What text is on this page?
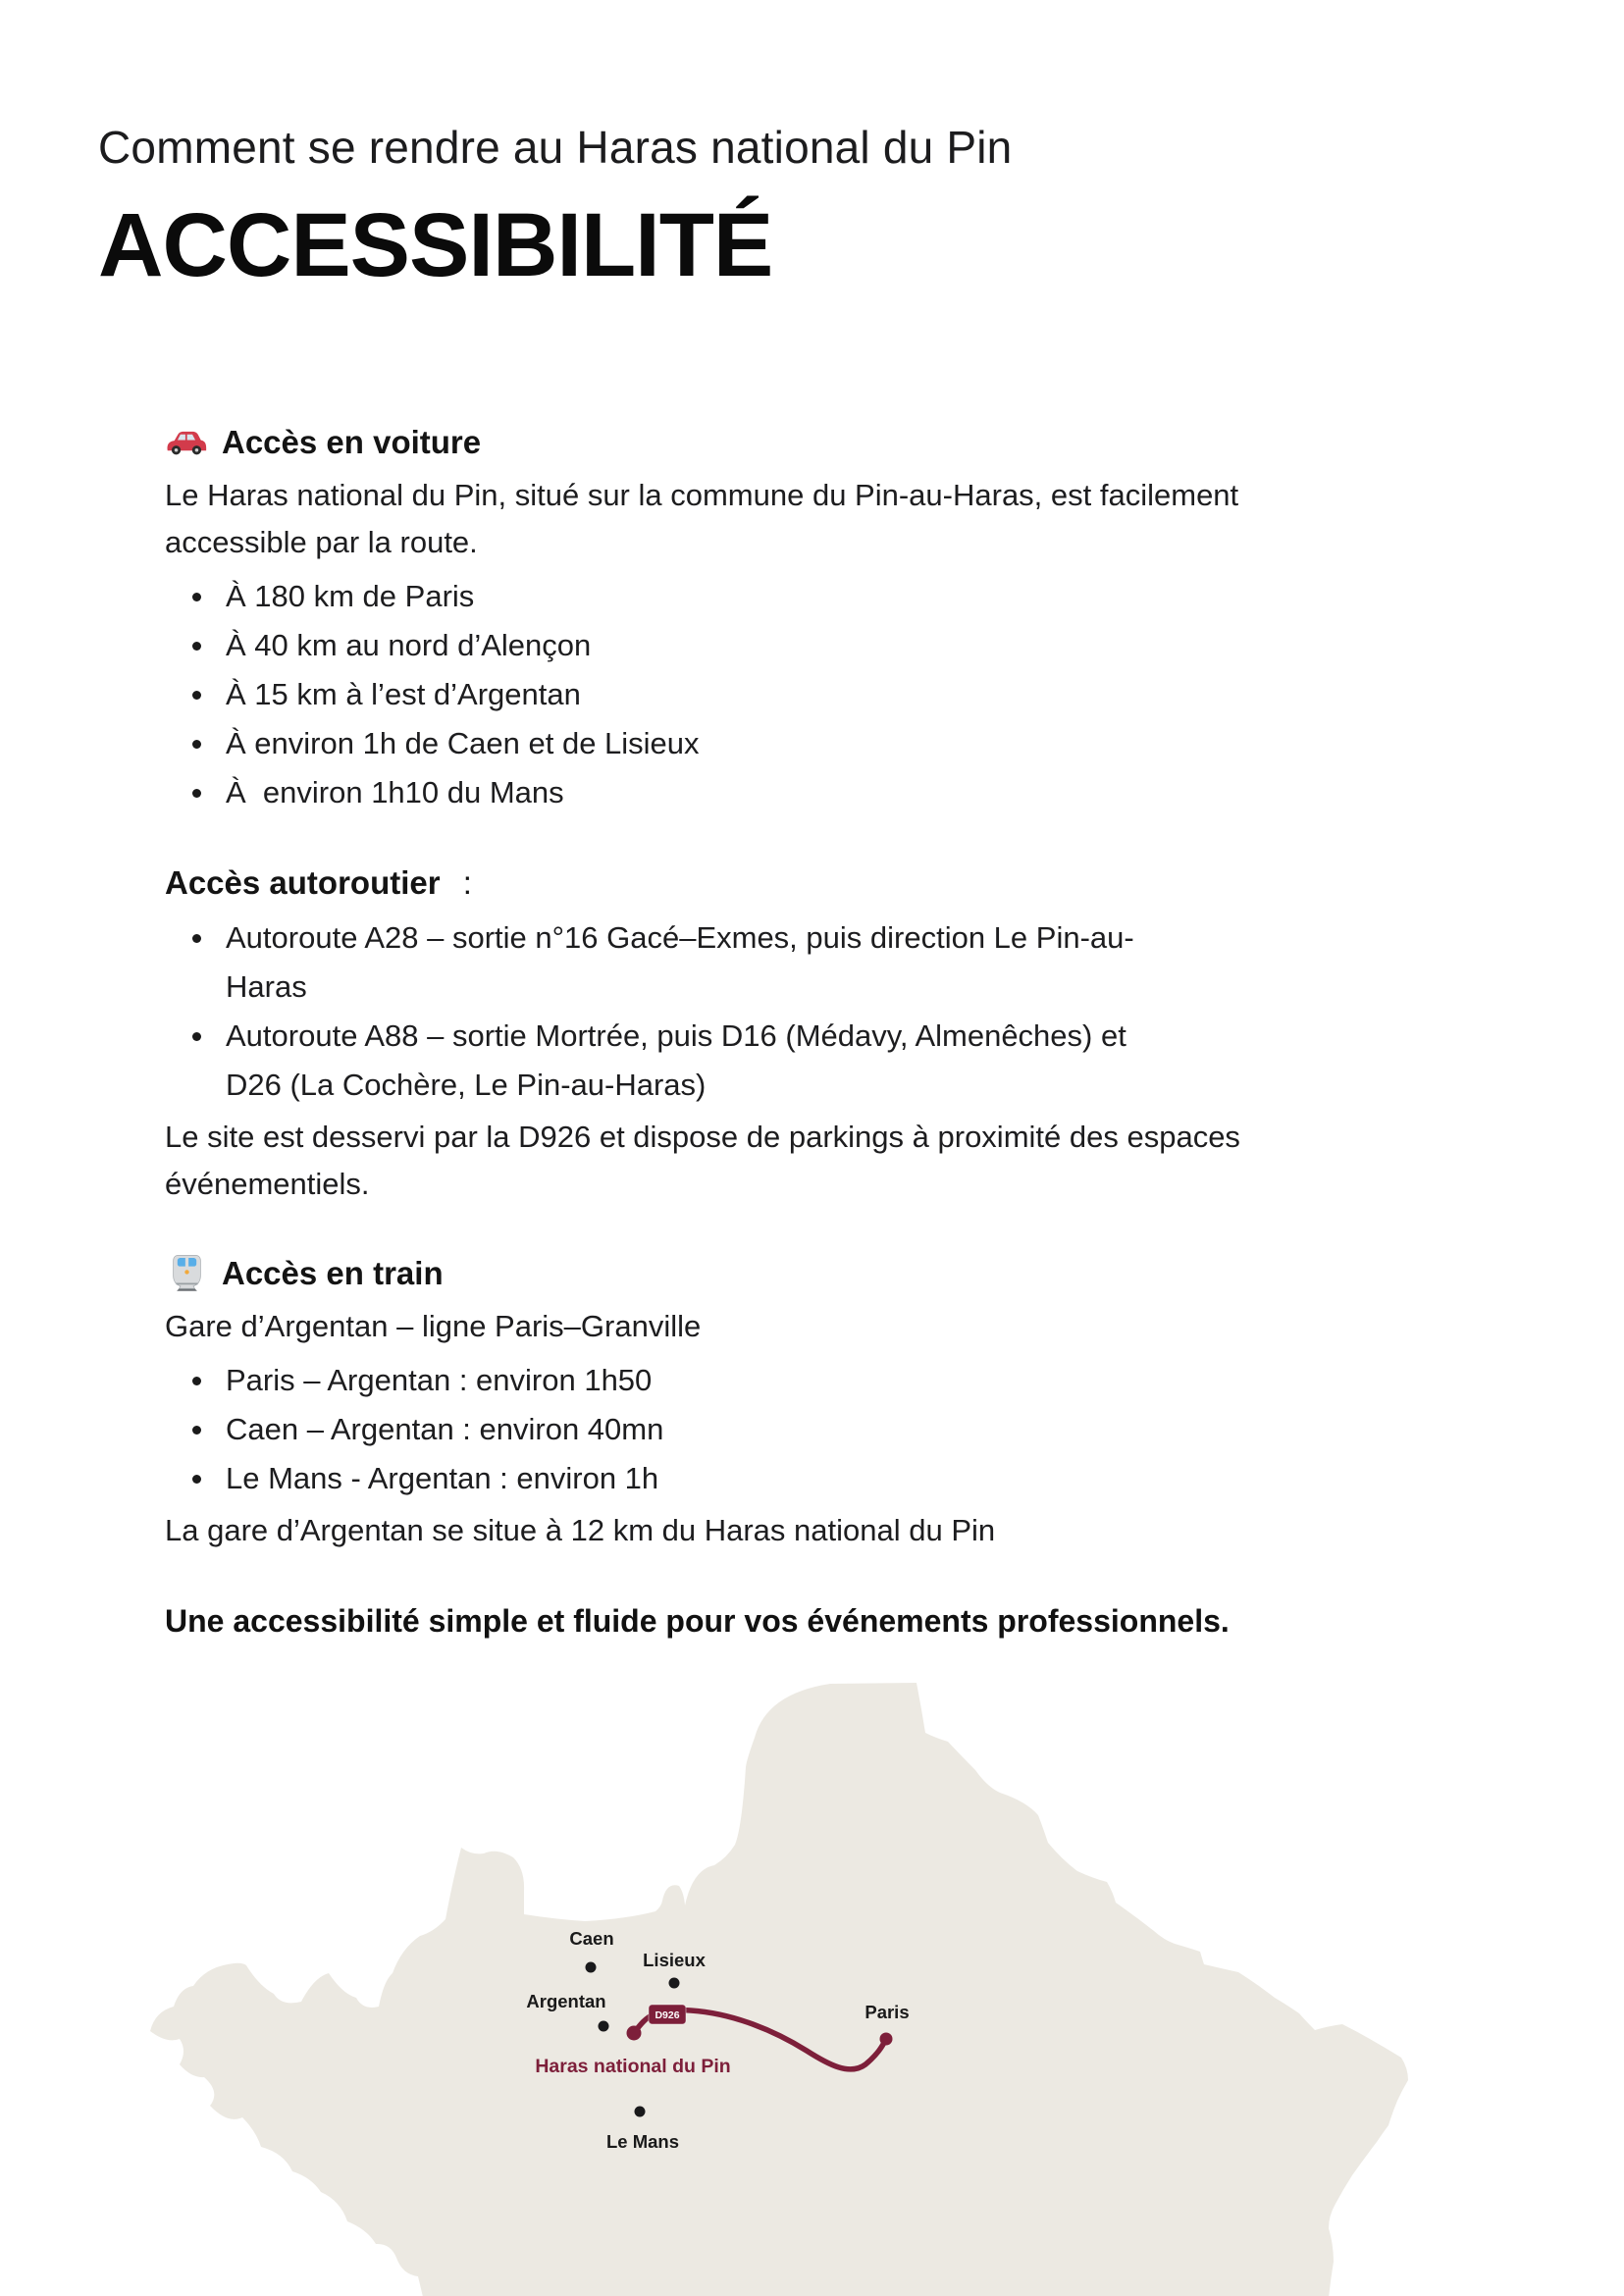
Comment se rendre au Haras national du Pin
ACCESSIBILITÉ
Accès en voiture

Le Haras national du Pin, situé sur la commune du Pin-au-Haras, est facilement accessible par la route.

À 180 km de Paris
À 40 km au nord d’Alençon
À 15 km à l’est d’Argentan
À environ 1h de Caen et de Lisieux
À  environ 1h10 du Mans
Accès autoroutier :
Autoroute A28 – sortie n°16 Gacé–Exmes, puis direction Le Pin-au-Haras
Autoroute A88 – sortie Mortrée, puis D16 (Médavy, Almenêches) et D26 (La Cochère, Le Pin-au-Haras)

Le site est desservi par la D926 et dispose de parkings à proximité des espaces événementiels.

Accès en train

Gare d’Argentan – ligne Paris–Granville

Paris – Argentan : environ 1h50
Caen – Argentan : environ 40mn
Le Mans - Argentan : environ 1h

La gare d’Argentan se situe à 12 km du Haras national du Pin

Une accessibilité simple et fluide pour vos événements professionnels.

D926
Caen
Lisieux
Argentan
Paris
Le Mans
Haras national du Pin
